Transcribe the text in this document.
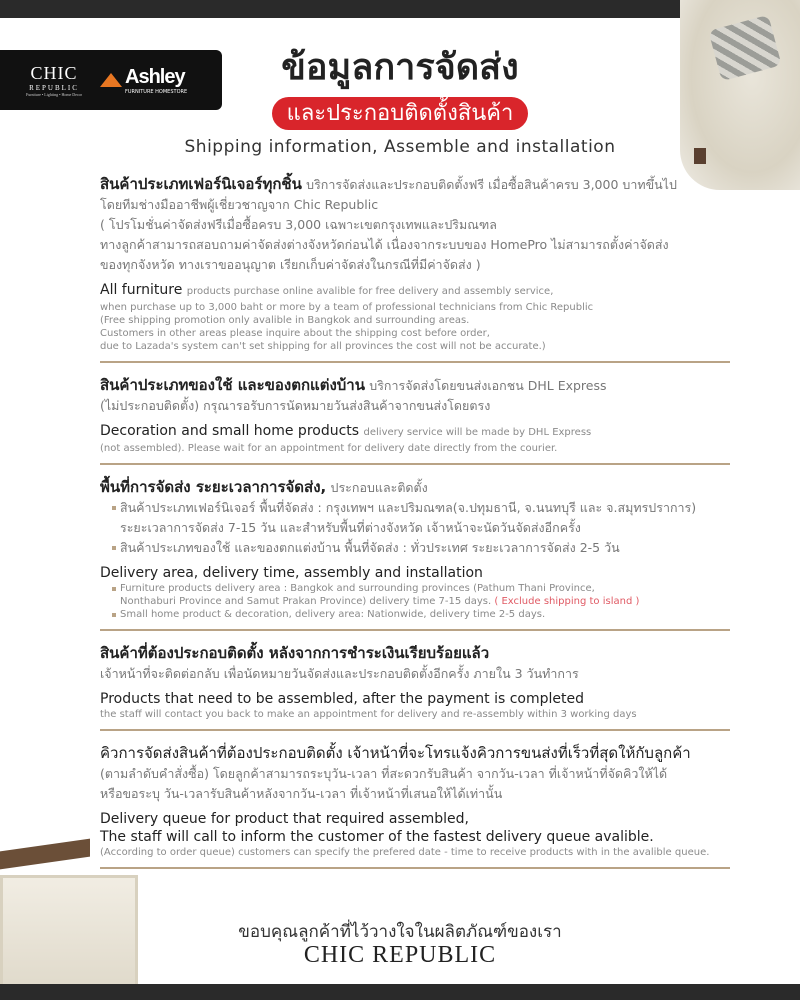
CHIC
REPUBLIC
Furniture • Lighting • Home Decor
Ashley
FURNITURE HOMESTORE
ข้อมูลการจัดส่ง
และประกอบติดตั้งสินค้า
Shipping information, Assemble and installation
สินค้าประเภทเฟอร์นิเจอร์ทุกชิ้น บริการจัดส่งและประกอบติดตั้งฟรี เมื่อซื้อสินค้าครบ 3,000 บาทขึ้นไป
โดยทีมช่างมืออาชีพผู้เชี่ยวชาญจาก Chic Republic
( โปรโมชั่นค่าจัดส่งฟรีเมื่อซื้อครบ 3,000 เฉพาะเขตกรุงเทพและปริมณฑล
ทางลูกค้าสามารถสอบถามค่าจัดส่งต่างจังหวัดก่อนได้ เนื่องจากระบบของ HomePro ไม่สามารถตั้งค่าจัดส่ง
ของทุกจังหวัด ทางเราขออนุญาต เรียกเก็บค่าจัดส่งในกรณีที่มีค่าจัดส่ง )
All furniture products purchase online avalible for free delivery and assembly service,
when purchase up to 3,000 baht or more by a team of professional technicians from Chic Republic
(Free shipping promotion only avalible in Bangkok and surrounding areas.
Customers in other areas please inquire about the shipping cost before order,
due to Lazada's system can't set shipping for all provinces the cost will not be accurate.)
สินค้าประเภทของใช้ และของตกแต่งบ้าน บริการจัดส่งโดยขนส่งเอกชน DHL Express
(ไม่ประกอบติดตั้ง) กรุณารอรับการนัดหมายวันส่งสินค้าจากขนส่งโดยตรง
Decoration and small home products delivery service will be made by DHL Express
(not assembled). Please wait for an appointment for delivery date directly from the courier.
พื้นที่การจัดส่ง ระยะเวลาการจัดส่ง, ประกอบและติดตั้ง
สินค้าประเภทเฟอร์นิเจอร์ พื้นที่จัดส่ง : กรุงเทพฯ และปริมณฑล(จ.ปทุมธานี, จ.นนทบุรี และ จ.สมุทรปราการ)
ระยะเวลาการจัดส่ง 7-15 วัน และสำหรับพื้นที่ต่างจังหวัด เจ้าหน้าจะนัดวันจัดส่งอีกครั้ง
สินค้าประเภทของใช้ และของตกแต่งบ้าน พื้นที่จัดส่ง : ทั่วประเทศ ระยะเวลาการจัดส่ง 2-5 วัน
Delivery area, delivery time, assembly and installation
Furniture products delivery area : Bangkok and surrounding provinces (Pathum Thani Province,
Nonthaburi Province and Samut Prakan Province) delivery time 7-15 days. ( Exclude shipping to island )
Small home product & decoration, delivery area: Nationwide, delivery time 2-5 days.
สินค้าที่ต้องประกอบติดตั้ง หลังจากการชำระเงินเรียบร้อยแล้ว
เจ้าหน้าที่จะติดต่อกลับ เพื่อนัดหมายวันจัดส่งและประกอบติดตั้งอีกครั้ง ภายใน 3 วันทำการ
Products that need to be assembled, after the payment is completed
the staff will contact you back to make an appointment for delivery and re-assembly within 3 working days
คิวการจัดส่งสินค้าที่ต้องประกอบติดตั้ง เจ้าหน้าที่จะโทรแจ้งคิวการขนส่งที่เร็วที่สุดให้กับลูกค้า
(ตามลำดับคำสั่งซื้อ) โดยลูกค้าสามารถระบุวัน-เวลา ที่สะดวกรับสินค้า จากวัน-เวลา ที่เจ้าหน้าที่จัดคิวให้ได้
หรือขอระบุ วัน-เวลารับสินค้าหลังจากวัน-เวลา ที่เจ้าหน้าที่เสนอให้ได้เท่านั้น
Delivery queue for product that required assembled,
The staff will call to inform the customer of the fastest delivery queue avalible.
(According to order queue) customers can specify the prefered date - time to receive products with in the avalible queue.
ขอบคุณลูกค้าที่ไว้วางใจในผลิตภัณฑ์ของเรา
CHIC REPUBLIC
